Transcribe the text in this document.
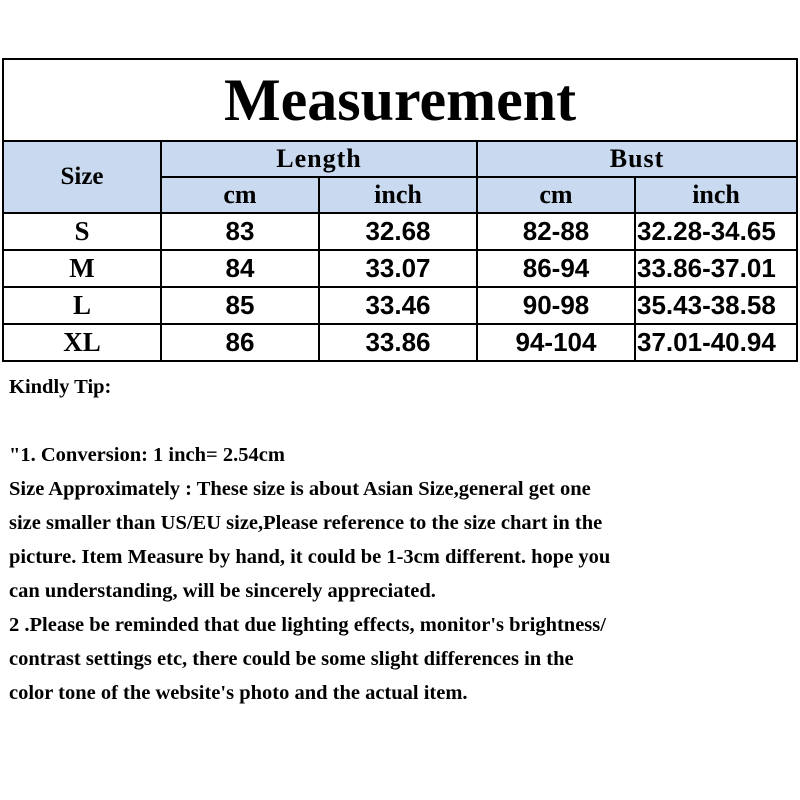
Measurement				
Size	Length		Bust	
	cm	inch	cm	inch
S	83	32.68	82-88	32.28-34.65
M	84	33.07	86-94	33.86-37.01
L	85	33.46	90-98	35.43-38.58
XL	86	33.86	94-104	37.01-40.94

Kindly Tip:

"1. Conversion: 1 inch= 2.54cm

Size Approximately : These size is about Asian Size,general get one

size smaller than US/EU size,Please reference to the size chart in the

picture. Item Measure by hand, it could be 1-3cm different. hope you

can understanding, will be sincerely appreciated.

2 .Please be reminded that due lighting effects, monitor's brightness/

contrast settings etc, there could be some slight differences in the

color tone of the website's photo and the actual item.
